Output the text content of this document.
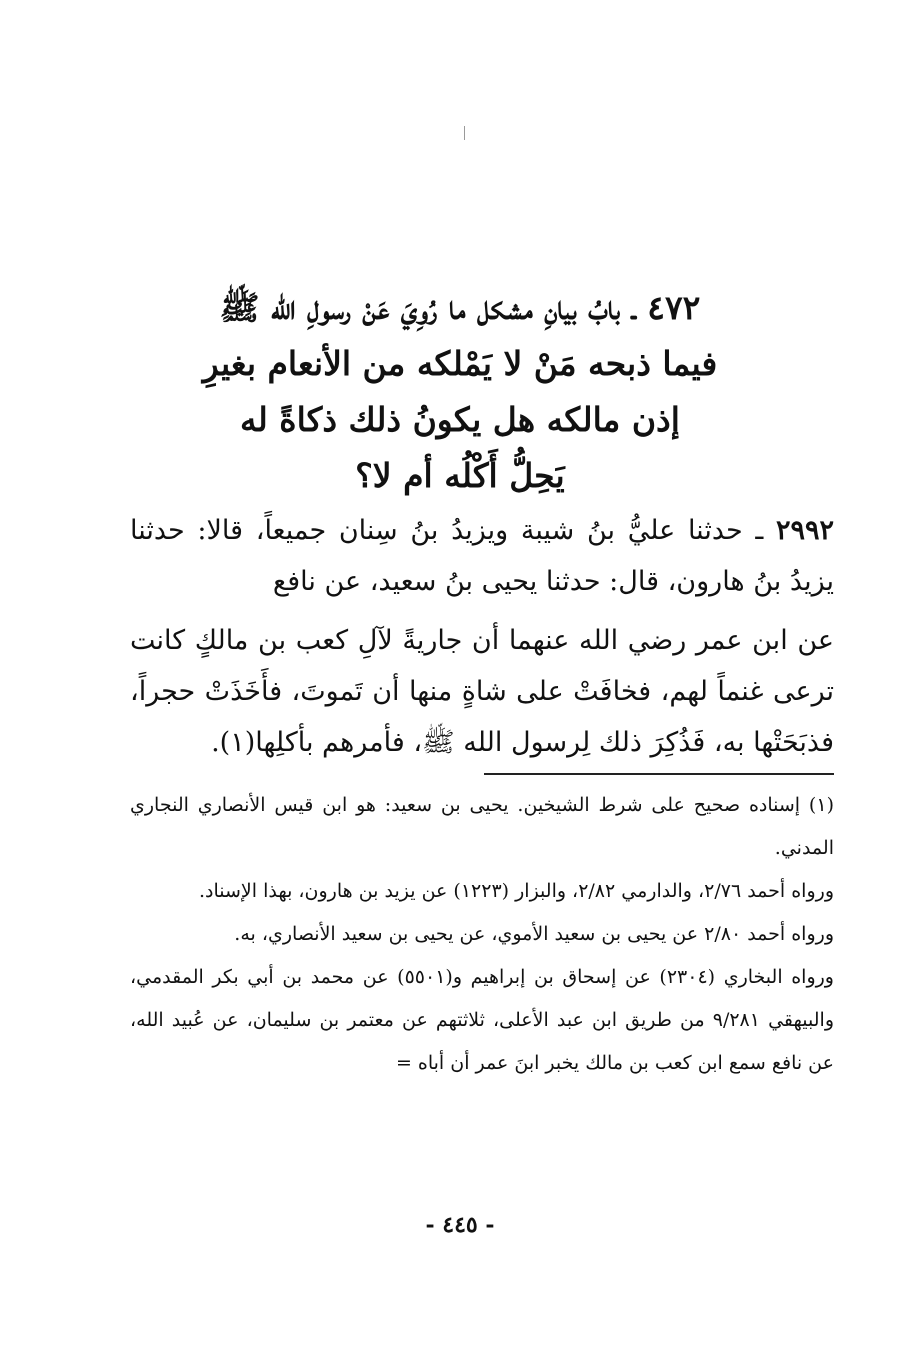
٤٧٢ ـ بابُ بيانِ مشكل ما رُوِيَ عَنْ رسولِ الله ﷺ
فيما ذبحه مَنْ لا يَمْلكه من الأنعام بغيرِ
إذن مالكه هل يكونُ ذلك ذكاةً له
يَحِلُّ أَكْلُه أم لا؟

٢٩٩٢ ـ حدثنا عليُّ بنُ شيبة ويزيدُ بنُ سِنان جميعاً، قالا: حدثنا يزيدُ بنُ هارون، قال: حدثنا يحيى بنُ سعيد، عن نافع

عن ابن عمر رضي الله عنهما أن جاريةً لآلِ كعب بن مالكٍ كانت ترعى غنماً لهم، فخافَتْ على شاةٍ منها أن تَموتَ، فأَخَذَتْ حجراً، فذبَحَتْها به، فَذُكِرَ ذلك لِرسول الله ﷺ، فأمرهم بأكلِها(١).

(١) إسناده صحيح على شرط الشيخين. يحيى بن سعيد: هو ابن قيس الأنصاري النجاري المدني.

ورواه أحمد ٢/٧٦، والدارمي ٢/٨٢، والبزار (١٢٢٣) عن يزيد بن هارون، بهذا الإسناد.

ورواه أحمد ٢/٨٠ عن يحيى بن سعيد الأموي، عن يحيى بن سعيد الأنصاري، به.

ورواه البخاري (٢٣٠٤) عن إسحاق بن إبراهيم و(٥٥٠١) عن محمد بن أبي بكر المقدمي، والبيهقي ٩/٢٨١ من طريق ابن عبد الأعلى، ثلاثتهم عن معتمر بن سليمان، عن عُبيد الله، عن نافع سمع ابن كعب بن مالك يخبر ابنَ عمر أن أباه =

- ٤٤٥ -
